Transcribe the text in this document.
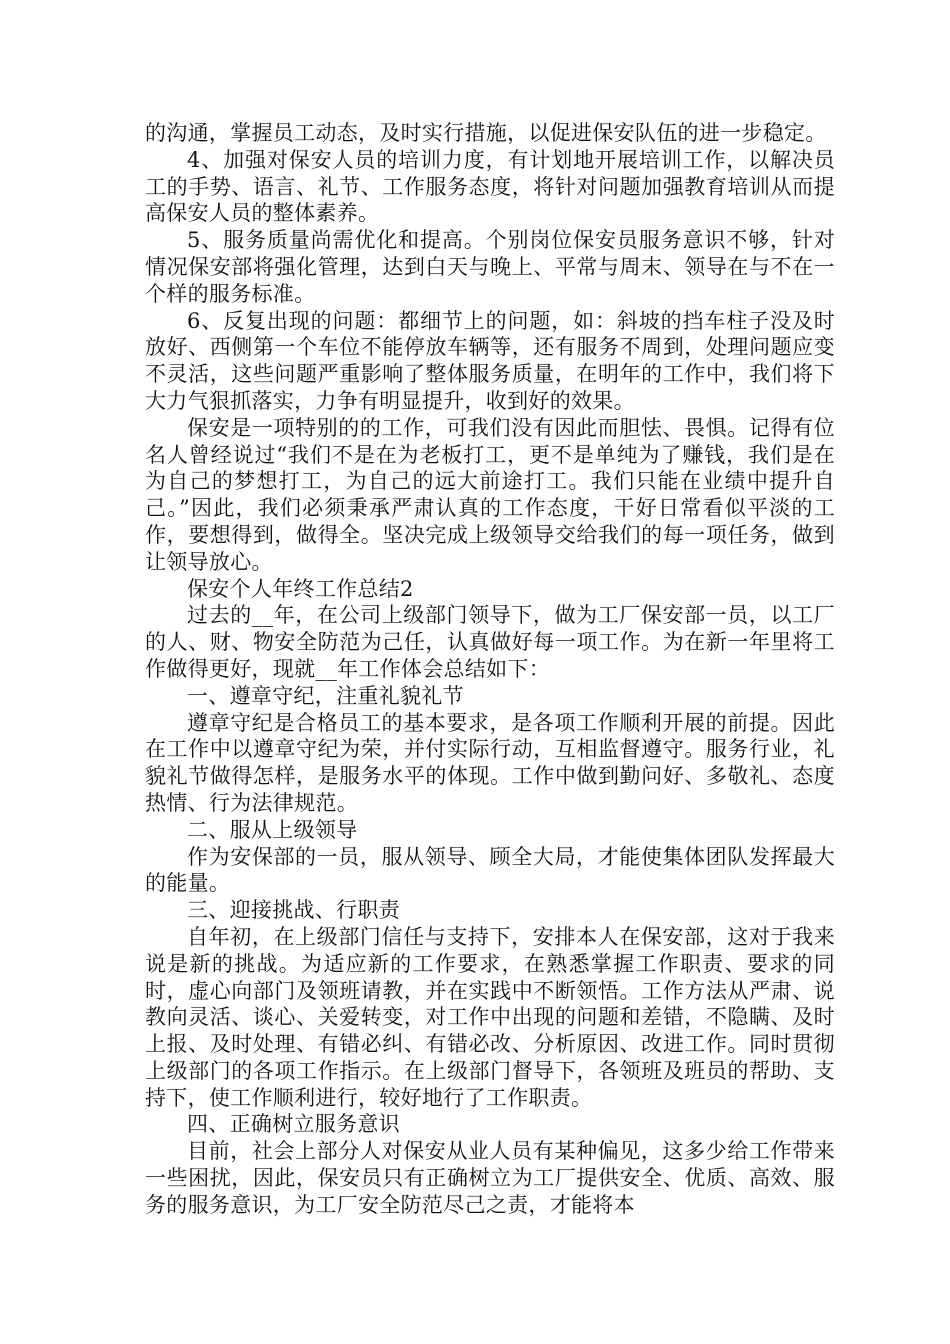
的沟通，掌握员工动态，及时实行措施，以促进保安队伍的进一步稳定。

4、加强对保安人员的培训力度，有计划地开展培训工作，以解决员工的手势、语言、礼节、工作服务态度，将针对问题加强教育培训从而提高保安人员的整体素养。

5、服务质量尚需优化和提高。个别岗位保安员服务意识不够，针对情况保安部将强化管理，达到白天与晚上、平常与周末、领导在与不在一个样的服务标准。

6、反复出现的问题：都细节上的问题，如：斜坡的挡车柱子没及时放好、西侧第一个车位不能停放车辆等，还有服务不周到，处理问题应变不灵活，这些问题严重影响了整体服务质量，在明年的工作中，我们将下大力气狠抓落实，力争有明显提升，收到好的效果。

保安是一项特别的的工作，可我们没有因此而胆怯、畏惧。记得有位名人曾经说过“我们不是在为老板打工，更不是单纯为了赚钱，我们是在为自己的梦想打工，为自己的远大前途打工。我们只能在业绩中提升自己。”因此，我们必须秉承严肃认真的工作态度，干好日常看似平淡的工作，要想得到，做得全。坚决完成上级领导交给我们的每一项任务，做到让领导放心。

保安个人年终工作总结2

过去的__年，在公司上级部门领导下，做为工厂保安部一员，以工厂的人、财、物安全防范为己任，认真做好每一项工作。为在新一年里将工作做得更好，现就__年工作体会总结如下：

一、遵章守纪，注重礼貌礼节

遵章守纪是合格员工的基本要求，是各项工作顺利开展的前提。因此在工作中以遵章守纪为荣，并付实际行动，互相监督遵守。服务行业，礼貌礼节做得怎样，是服务水平的体现。工作中做到勤问好、多敬礼、态度热情、行为法律规范。

二、服从上级领导

作为安保部的一员，服从领导、顾全大局，才能使集体团队发挥最大的能量。

三、迎接挑战、行职责

自年初，在上级部门信任与支持下，安排本人在保安部，这对于我来说是新的挑战。为适应新的工作要求，在熟悉掌握工作职责、要求的同时，虚心向部门及领班请教，并在实践中不断领悟。工作方法从严肃、说教向灵活、谈心、关爱转变，对工作中出现的问题和差错，不隐瞒、及时上报、及时处理、有错必纠、有错必改、分析原因、改进工作。同时贯彻上级部门的各项工作指示。在上级部门督导下，各领班及班员的帮助、支持下，使工作顺利进行，较好地行了工作职责。

四、正确树立服务意识

目前，社会上部分人对保安从业人员有某种偏见，这多少给工作带来一些困扰，因此，保安员只有正确树立为工厂提供安全、优质、高效、服务的服务意识，为工厂安全防范尽己之责，才能将本
